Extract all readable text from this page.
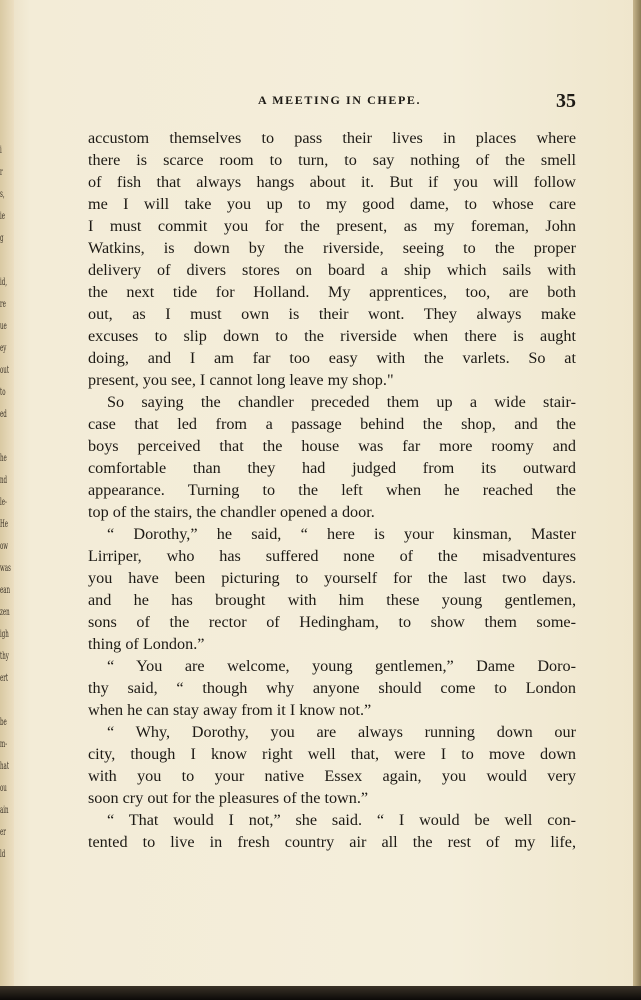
i
r
s,
ie
g
id,
re
ue
ey
out
to
ed
he
nd
le-
He
ow
was
ean
zen
igh
thy
ert
be
m-
hat
ou
ain
er
ld
A MEETING IN CHEPE.	35
accustom themselves to pass their lives in places where
there is scarce room to turn, to say nothing of the smell
of fish that always hangs about it. But if you will follow
me I will take you up to my good dame, to whose care
I must commit you for the present, as my foreman, John
Watkins, is down by the riverside, seeing to the proper
delivery of divers stores on board a ship which sails with
the next tide for Holland. My apprentices, too, are both
out, as I must own is their wont. They always make
excuses to slip down to the riverside when there is aught
doing, and I am far too easy with the varlets. So at
present, you see, I cannot long leave my shop."
So saying the chandler preceded them up a wide stair-
case that led from a passage behind the shop, and the
boys perceived that the house was far more roomy and
comfortable than they had judged from its outward
appearance. Turning to the left when he reached the
top of the stairs, the chandler opened a door.
“ Dorothy,” he said, “ here is your kinsman, Master
Lirriper, who has suffered none of the misadventures
you have been picturing to yourself for the last two days.
and he has brought with him these young gentlemen,
sons of the rector of Hedingham, to show them some-
thing of London.”
“ You are welcome, young gentlemen,” Dame Doro-
thy said, “ though why anyone should come to London
when he can stay away from it I know not.”
“ Why, Dorothy, you are always running down our
city, though I know right well that, were I to move down
with you to your native Essex again, you would very
soon cry out for the pleasures of the town.”
“ That would I not,” she said. “ I would be well con-
tented to live in fresh country air all the rest of my life,
